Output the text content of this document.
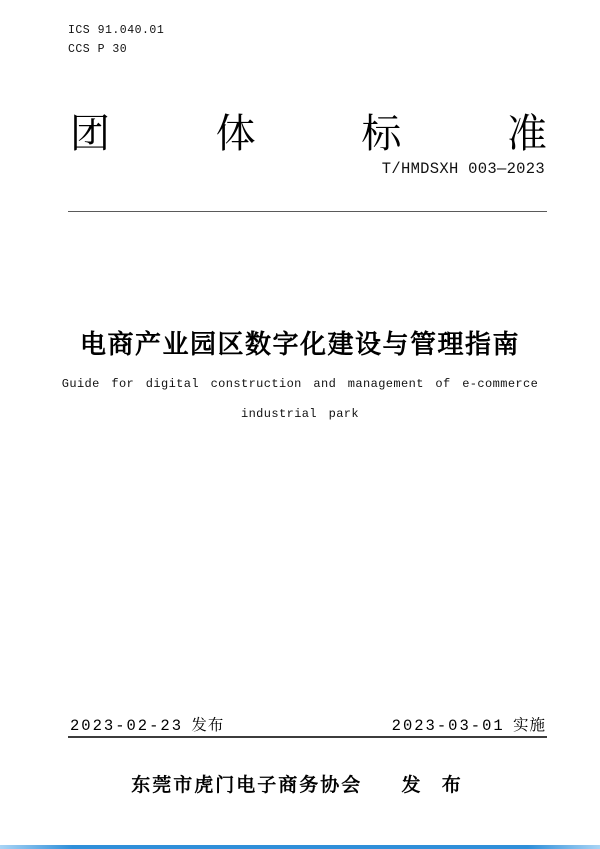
ICS 91.040.01
CCS P 30
团	体	标	准
T/HMDSXH 003—2023
电商产业园区数字化建设与管理指南
Guide for digital construction and management of e-commerce
industrial park
2023-02-23 发布	2023-03-01 实施
东莞市虎门电子商务协会 发 布
